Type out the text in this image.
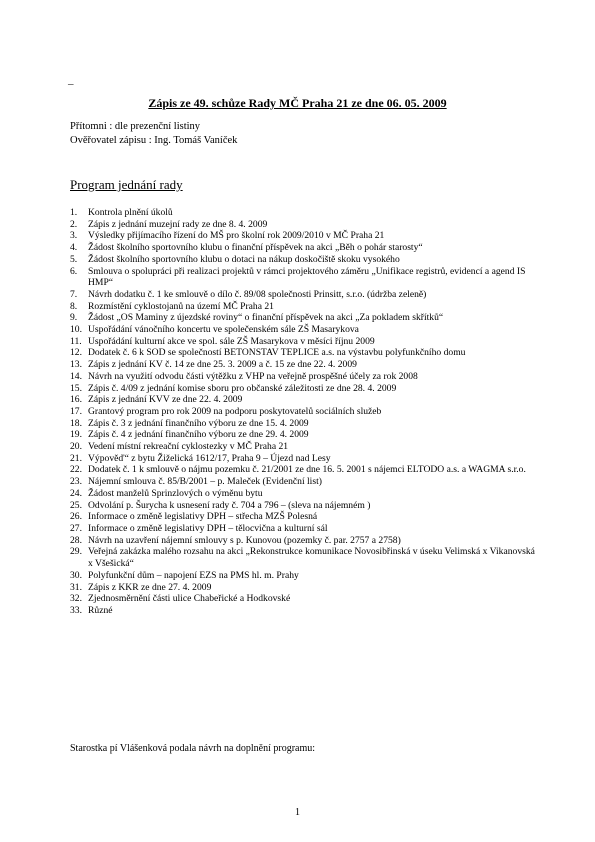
–
Zápis ze 49. schůze Rady MČ Praha 21 ze dne 06. 05. 2009
Přítomni : dle prezenční listiny
Ověřovatel zápisu : Ing. Tomáš Vaníček
Program jednání rady
1.	Kontrola plnění úkolů
2.	Zápis z jednání muzejní rady ze dne 8. 4. 2009
3.	Výsledky přijímacího řízení do MŠ pro školní rok 2009/2010 v MČ Praha 21
4.	Žádost školního sportovního klubu o finanční příspěvek na akci „Běh o pohár starosty“
5.	Žádost školního sportovního klubu o dotaci na nákup doskočiště skoku vysokého
6.	Smlouva o spolupráci při realizaci projektů v rámci projektového záměru „Unifikace registrů, evidencí a agend IS HMP“
7.	Návrh dodatku č. 1 ke smlouvě o dílo č. 89/08 společnosti Prinsitt, s.r.o. (údržba zeleně)
8.	Rozmístění cyklostojanů na území MČ Praha 21
9.	Žádost „OS Maminy z újezdské roviny“ o finanční příspěvek na akci „Za pokladem skřítků“
10. Uspořádání vánočního koncertu ve společenském sále ZŠ Masarykova
11. Uspořádání kulturní akce ve spol. sále ZŠ Masarykova v měsíci říjnu 2009
12. Dodatek č. 6 k SOD se společností BETONSTAV TEPLICE a.s. na výstavbu polyfunkčního domu
13. Zápis z jednání KV č. 14 ze dne 25. 3. 2009 a č. 15 ze dne 22. 4. 2009
14. Návrh na využití odvodu části výtěžku z VHP na veřejně prospěšné účely za rok 2008
15. Zápis č. 4/09 z jednání komise sboru pro občanské záležitosti ze dne 28. 4. 2009
16. Zápis z jednání KVV ze dne 22. 4. 2009
17. Grantový program pro rok 2009 na podporu poskytovatelů sociálních služeb
18. Zápis č. 3 z jednání finančního výboru ze dne 15. 4. 2009
19. Zápis č. 4 z jednání finančního výboru ze dne 29. 4. 2009
20. Vedení místní rekreační cyklostezky v MČ Praha 21
21. Výpověď“ z bytu Žiželická 1612/17, Praha 9 – Újezd nad Lesy
22. Dodatek č. 1 k smlouvě o nájmu pozemku č. 21/2001 ze dne 16. 5. 2001 s nájemci ELTODO a.s. a WAGMA s.r.o.
23. Nájemní smlouva č. 85/B/2001 – p. Maleček (Evidenční list)
24. Žádost manželů Sprinzlových o výměnu bytu
25. Odvolání p. Šurycha k usnesení rady č. 704 a 796 – (sleva na nájemném )
26. Informace o změně legislativy DPH – střecha MZŠ Polesná
27. Informace o změně legislativy DPH – tělocvična a kulturní sál
28. Návrh na uzavření nájemní smlouvy s p. Kunovou (pozemky č. par. 2757 a 2758)
29. Veřejná zakázka malého rozsahu na akci „Rekonstrukce komunikace Novosibřinská v úseku Velimská x Vikanovská x Všešická“
30. Polyfunkční dům – napojení EZS na PMS hl. m. Prahy
31. Zápis z KKR ze dne 27. 4. 2009
32. Zjednosměrnění části ulice Chabeřické a Hodkovské
33. Různé
Starostka pí Vlášenková podala návrh na doplnění programu:
1
